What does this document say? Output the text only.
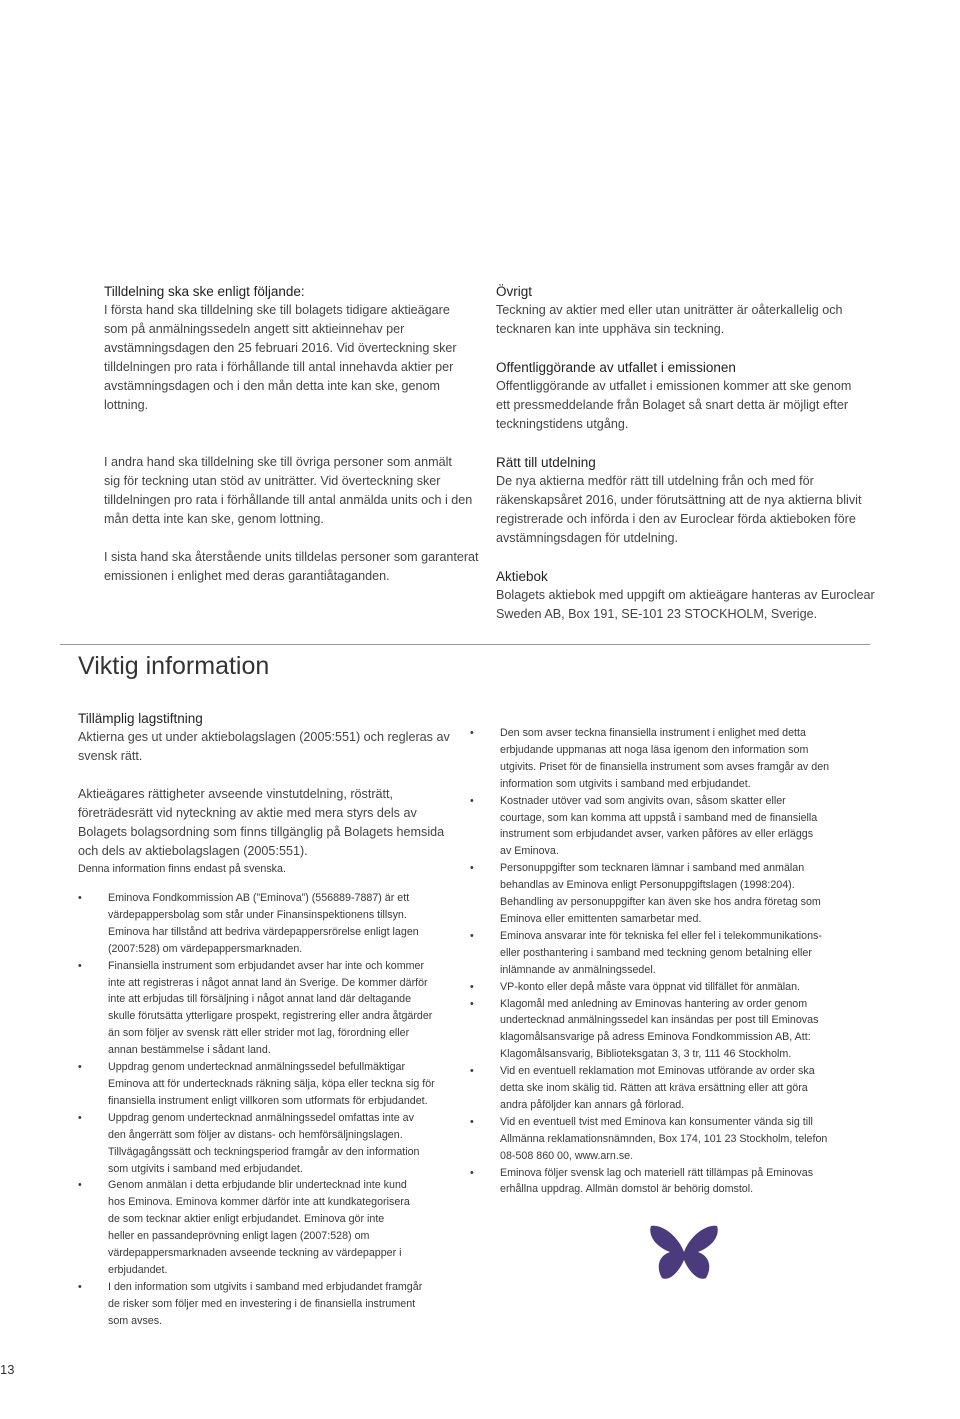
Tilldelning ska ske enligt följande:

I första hand ska tilldelning ske till bolagets tidigare aktieägare
som på anmälningssedeln angett sitt aktieinnehav per
avstämningsdagen den 25 februari 2016. Vid överteckning sker
tilldelningen pro rata i förhållande till antal innehavda aktier per
avstämningsdagen och i den mån detta inte kan ske, genom
lottning.
I andra hand ska tilldelning ske till övriga personer som anmält
sig för teckning utan stöd av uniträtter. Vid överteckning sker
tilldelningen pro rata i förhållande till antal anmälda units och i den
mån detta inte kan ske, genom lottning.
I sista hand ska återstående units tilldelas personer som garanterat
emissionen i enlighet med deras garantiåtaganden.

Övrigt

Teckning av aktier med eller utan uniträtter är oåterkallelig och
tecknaren kan inte upphäva sin teckning.

Offentliggörande av utfallet i emissionen

Offentliggörande av utfallet i emissionen kommer att ske genom
ett pressmeddelande från Bolaget så snart detta är möjligt efter
teckningstidens utgång.

Rätt till utdelning

De nya aktierna medför rätt till utdelning från och med för
räkenskapsåret 2016, under förutsättning att de nya aktierna blivit
registrerade och införda i den av Euroclear förda aktieboken före
avstämningsdagen för utdelning.

Aktiebok

Bolagets aktiebok med uppgift om aktieägare hanteras av Euroclear
Sweden AB, Box 191, SE-101 23 STOCKHOLM, Sverige.
Viktig information

Tillämplig lagstiftning

Aktierna ges ut under aktiebolagslagen (2005:551) och regleras av
svensk rätt.
Aktieägares rättigheter avseende vinstutdelning, rösträtt,
företrädesrätt vid nyteckning av aktie med mera styrs dels av
Bolagets bolagsordning som finns tillgänglig på Bolagets hemsida
och dels av aktiebolagslagen (2005:551).
Denna information finns endast på svenska.
• Eminova Fondkommission AB (”Eminova”) (556889-7887) är ett
värdepappersbolag som står under Finansinspektionens tillsyn.
Eminova har tillstånd att bedriva värdepappersrörelse enligt lagen
(2007:528) om värdepappersmarknaden.
• Finansiella instrument som erbjudandet avser har inte och kommer
inte att registreras i något annat land än Sverige. De kommer därför
inte att erbjudas till försäljning i något annat land där deltagande
skulle förutsätta ytterligare prospekt, registrering eller andra åtgärder
än som följer av svensk rätt eller strider mot lag, förordning eller
annan bestämmelse i sådant land.
• Uppdrag genom undertecknad anmälningssedel befullmäktigar
Eminova att för undertecknads räkning sälja, köpa eller teckna sig för
finansiella instrument enligt villkoren som utformats för erbjudandet.
• Uppdrag genom undertecknad anmälningssedel omfattas inte av
den ångerrätt som följer av distans- och hemförsäljningslagen.
Tillvägagångssätt och teckningsperiod framgår av den information
som utgivits i samband med erbjudandet.
• Genom anmälan i detta erbjudande blir undertecknad inte kund
hos Eminova. Eminova kommer därför inte att kundkategorisera
de som tecknar aktier enligt erbjudandet. Eminova gör inte
heller en passandeprövning enligt lagen (2007:528) om
värdepappersmarknaden avseende teckning av värdepapper i
erbjudandet.
• I den information som utgivits i samband med erbjudandet framgår
de risker som följer med en investering i de finansiella instrument
som avses.
• Den som avser teckna finansiella instrument i enlighet med detta
erbjudande uppmanas att noga läsa igenom den information som
utgivits. Priset för de finansiella instrument som avses framgår av den
information som utgivits i samband med erbjudandet.
• Kostnader utöver vad som angivits ovan, såsom skatter eller
courtage, som kan komma att uppstå i samband med de finansiella
instrument som erbjudandet avser, varken påföres av eller erläggs
av Eminova.
• Personuppgifter som tecknaren lämnar i samband med anmälan
behandlas av Eminova enligt Personuppgiftslagen (1998:204).
Behandling av personuppgifter kan även ske hos andra företag som
Eminova eller emittenten samarbetar med.
• Eminova ansvarar inte för tekniska fel eller fel i telekommunikations-
eller posthantering i samband med teckning genom betalning eller
inlämnande av anmälningssedel.
• VP-konto eller depå måste vara öppnat vid tillfället för anmälan.
• Klagomål med anledning av Eminovas hantering av order genom
undertecknad anmälningssedel kan insändas per post till Eminovas
klagomålsansvarige på adress Eminova Fondkommission AB, Att:
Klagomålsansvarig, Biblioteksgatan 3, 3 tr, 111 46 Stockholm.
• Vid en eventuell reklamation mot Eminovas utförande av order ska
detta ske inom skälig tid. Rätten att kräva ersättning eller att göra
andra påföljder kan annars gå förlorad.
• Vid en eventuell tvist med Eminova kan konsumenter vända sig till
Allmänna reklamationsnämnden, Box 174, 101 23 Stockholm, telefon
08-508 860 00, www.arn.se.
• Eminova följer svensk lag och materiell rätt tillämpas på Eminovas
erhållna uppdrag. Allmän domstol är behörig domstol.
13
